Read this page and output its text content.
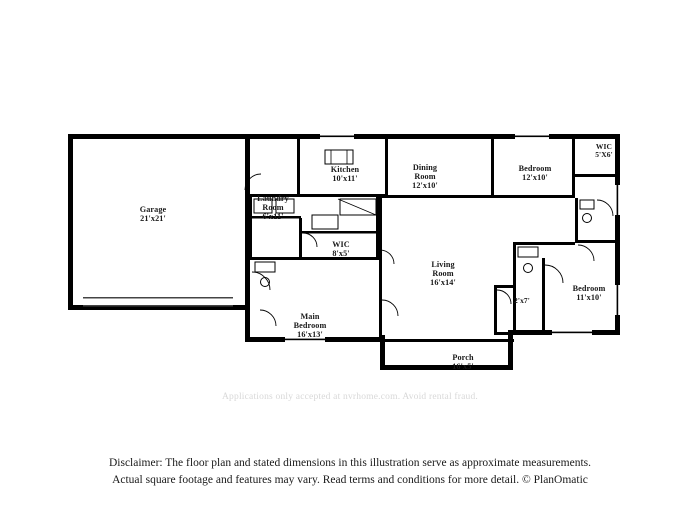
Garage
21'x21'
Kitchen
10'x11'
Laundry
Room
6'x11'
Dining
Room
12'x10'
WIC
8'x5'
Living
Room
16'x14'
Main
Bedroom
16'x13'
Porch
16'x5'
Bedroom
12'x10'
WIC
5'X6'
Bedroom
11'x10'
2'x7'
Applications only accepted at nvrhome.com. Avoid rental fraud.
Disclaimer: The floor plan and stated dimensions in this illustration serve as approximate measurements.
Actual square footage and features may vary. Read terms and conditions for more detail. © PlanOmatic
